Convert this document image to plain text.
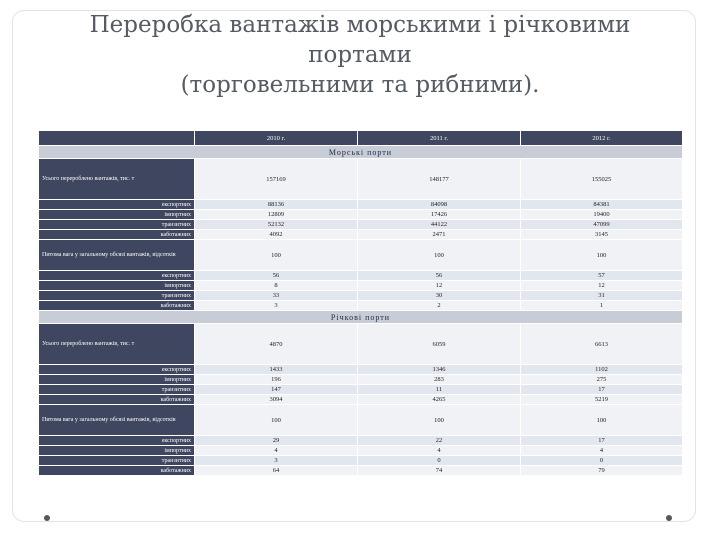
Переробка вантажів морськими і річковими
портами
(торговельними та рибними).
	2010 г.	2011 г.	2012 г.
Морські порти			
Усього переробленo вантажів, тис. т	157169	148177	155025
експортних	88136	84098	84381
імпортних	12809	17426	19400
транзитних	52132	44122	47099
каботажних	4092	2471	3145
Питома вага у загальному обсязі вантажів, відсотків	100	100	100
експортних	56	56	57
імпортних	8	12	12
транзитних	33	30	31
каботажних	3	2	1
Річкові порти			
Усього переробленo вантажів, тис. т	4870	6059	6613
експортних	1433	1346	1102
імпортних	196	283	275
транзитних	147	11	17
каботажних	3094	4265	5219
Питома вага у загальному обсязі вантажів, відсотків	100	100	100
експортних	29	22	17
імпортних	4	4	4
транзитних	3	0	0
каботажних	64	74	79
